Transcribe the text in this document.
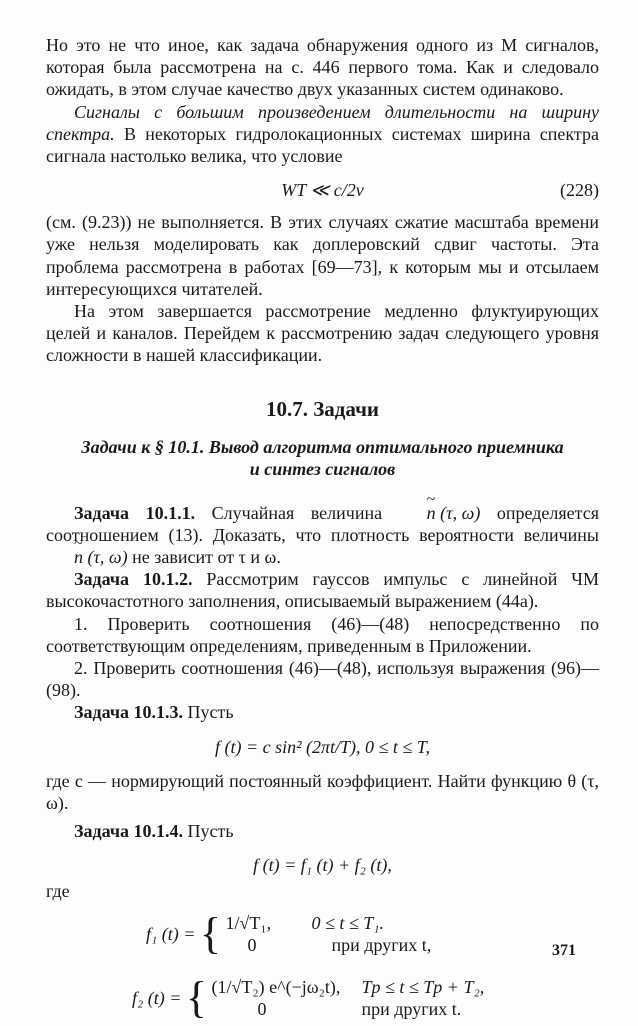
Но это не что иное, как задача обнаружения одного из M сигналов, которая была рассмотрена на с. 446 первого тома. Как и следовало ожидать, в этом случае качество двух указанных систем одинаково.

Сигналы с большим произведением длительности на ширину спектра. В некоторых гидролокационных системах ширина спектра сигнала настолько велика, что условие

WT ≪ c/2v	(228)

(см. (9.23)) не выполняется. В этих случаях сжатие масштаба времени уже нельзя моделировать как доплеровский сдвиг частоты. Эта проблема рассмотрена в работах [69—73], к которым мы и отсылаем интересующихся читателей.

На этом завершается рассмотрение медленно флуктуирующих целей и каналов. Перейдем к рассмотрению задач следующего уровня сложности в нашей классификации.

10.7. Задачи

Задачи к § 10.1. Вывод алгоритма оптимального приемника

и синтез сигналов

Задача 10.1.1. Случайная величина ~ n (τ, ω) определяется соотношением (13). Доказать, что плотность вероятности величины ~ n (τ, ω) не зависит от τ и ω.

Задача 10.1.2. Рассмотрим гауссов импульс с линейной ЧМ высокочастотного заполнения, описываемый выражением (44а).

1. Проверить соотношения (46)—(48) непосредственно по соответствующим определениям, приведенным в Приложении.

2. Проверить соотношения (46)—(48), используя выражения (96)—(98).

Задача 10.1.3. Пусть

f (t) = c sin² (2πt/T), 0 ≤ t ≤ T,

где c — нормирующий постоянный коэффициент. Найти функцию θ (τ, ω).

Задача 10.1.4. Пусть

f (t) = f₁ (t) + f₂ (t),

где

f₁ (t) = { 1/√T₁,	0 ≤ t ≤ T₁.
0	при других t,
f₂ (t) = { (1/√T₂) e^(−jω₂t),	Tp ≤ t ≤ Tp + T₂,
0	при других t.
371
